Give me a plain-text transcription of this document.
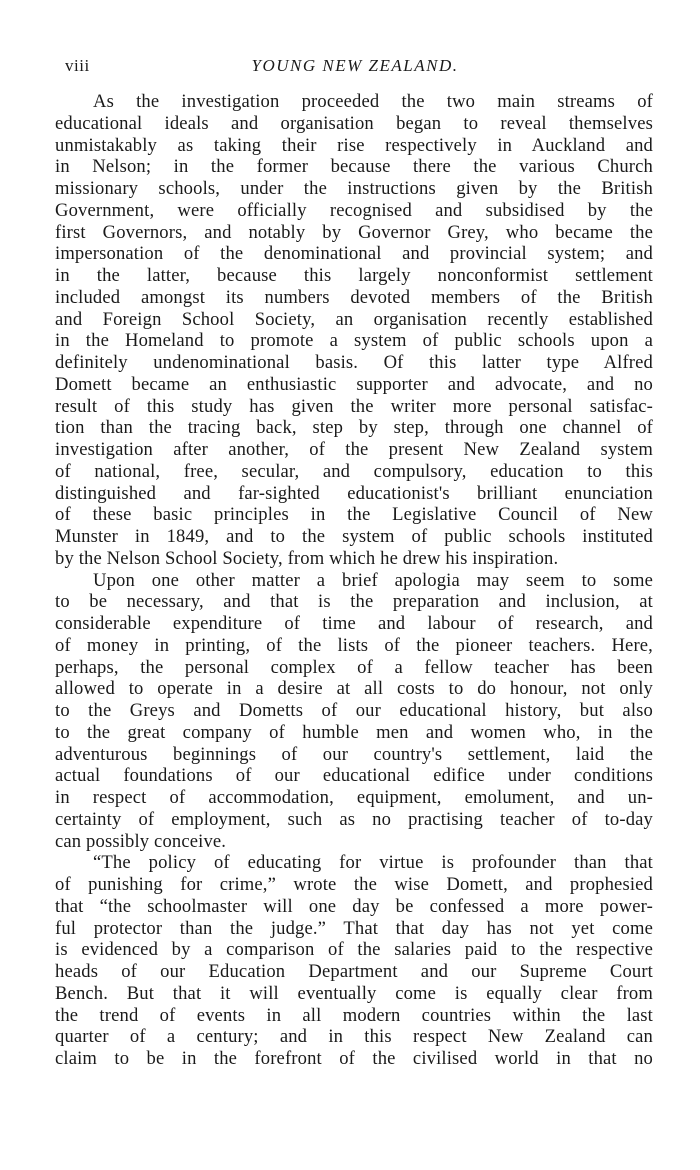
viii	YOUNG NEW ZEALAND.
As the investigation proceeded the two main streams of
educational ideals and organisation began to reveal themselves
unmistakably as taking their rise respectively in Auckland and
in Nelson; in the former because there the various Church
missionary schools, under the instructions given by the British
Government, were officially recognised and subsidised by the
first Governors, and notably by Governor Grey, who became the
impersonation of the denominational and provincial system; and
in the latter, because this largely nonconformist settlement
included amongst its numbers devoted members of the British
and Foreign School Society, an organisation recently established
in the Homeland to promote a system of public schools upon a
definitely undenominational basis. Of this latter type Alfred
Domett became an enthusiastic supporter and advocate, and no
result of this study has given the writer more personal satisfac-
tion than the tracing back, step by step, through one channel of
investigation after another, of the present New Zealand system
of national, free, secular, and compulsory, education to this
distinguished and far-sighted educationist's brilliant enunciation
of these basic principles in the Legislative Council of New
Munster in 1849, and to the system of public schools instituted
by the Nelson School Society, from which he drew his inspiration.
Upon one other matter a brief apologia may seem to some
to be necessary, and that is the preparation and inclusion, at
considerable expenditure of time and labour of research, and
of money in printing, of the lists of the pioneer teachers. Here,
perhaps, the personal complex of a fellow teacher has been
allowed to operate in a desire at all costs to do honour, not only
to the Greys and Dometts of our educational history, but also
to the great company of humble men and women who, in the
adventurous beginnings of our country's settlement, laid the
actual foundations of our educational edifice under conditions
in respect of accommodation, equipment, emolument, and un-
certainty of employment, such as no practising teacher of to-day
can possibly conceive.
“The policy of educating for virtue is profounder than that
of punishing for crime,” wrote the wise Domett, and prophesied
that “the schoolmaster will one day be confessed a more power-
ful protector than the judge.” That that day has not yet come
is evidenced by a comparison of the salaries paid to the respective
heads of our Education Department and our Supreme Court
Bench. But that it will eventually come is equally clear from
the trend of events in all modern countries within the last
quarter of a century; and in this respect New Zealand can
claim to be in the forefront of the civilised world in that no
